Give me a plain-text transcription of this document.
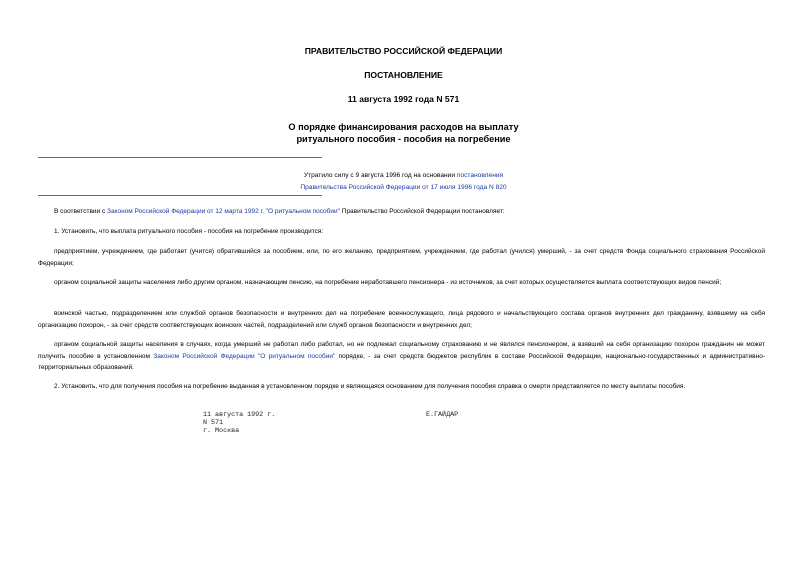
ПРАВИТЕЛЬСТВО РОССИЙСКОЙ ФЕДЕРАЦИИ
ПОСТАНОВЛЕНИЕ
11 августа 1992 года N 571
О порядке финансирования расходов на выплату
ритуального пособия - пособия на погребение
Утратило силу с 9 августа 1996 год на основании постановления
Правительства Российской Федерации от 17 июля 1996 года N 820

В соответствии с Законом Российской Федерации от 12 марта 1992 г. "О ритуальном пособии" Правительство Российской Федерации постановляет:

1. Установить, что выплата ритуального пособия - пособия на погребение производится:

предприятием, учреждением, где работает (учится) обратившийся за пособием, или, по его желанию, предприятием, учреждением, где работал (учился) умерший, - за счет средств Фонда социального страхования Российской Федерации;

органом социальной защиты населения либо другим органом, назначающим пенсию, на погребение неработавшего пенсионера - из источников, за счет которых осуществляется выплата соответствующих видов пенсий;

воинской частью, подразделением или службой органов безопасности и внутренних дел на погребение военнослужащего, лица рядового и начальствующего состава органов внутренних дел гражданину, взявшему на себя организацию похорон, - за счет средств соответствующих воинских частей, подразделений или служб органов безопасности и внутренних дел;

органом социальной защиты населения в случаях, когда умерший не работал либо работал, но не подлежал социальному страхованию и не являлся пенсионером, а взявший на себя организацию похорон гражданин не может получить пособие в установленном Законом Российской Федерации "О ритуальном пособии" порядке, - за счет средств бюджетов республик в составе Российской Федерации, национально-государственных и административно-территориальных образований.

2. Установить, что для получения пособия на погребение выданная в установленном порядке и являющаяся основанием для получения пособия справка о смерти представляется по месту выплаты пособия.

11 августа 1992 г.
N 571
г. Москва
Е.ГАЙДАР
